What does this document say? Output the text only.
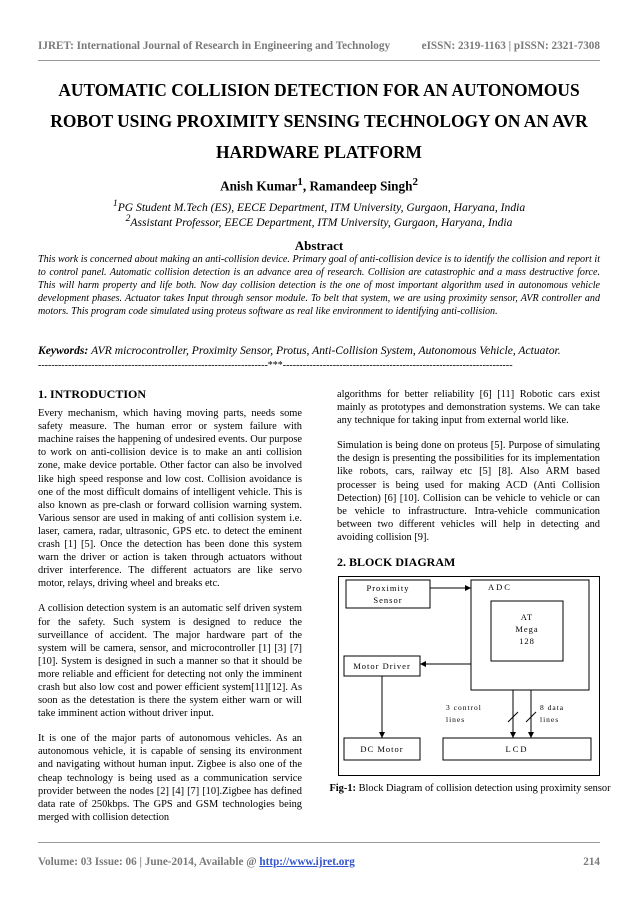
IJRET: International Journal of Research in Engineering and Technology	eISSN: 2319-1163 | pISSN: 2321-7308
AUTOMATIC COLLISION DETECTION FOR AN AUTONOMOUS
ROBOT USING PROXIMITY SENSING TECHNOLOGY ON AN AVR
HARDWARE PLATFORM
Anish Kumar$^1$, Ramandeep Singh$^2$
$^1$PG Student M.Tech (ES), EECE Department, ITM University, Gurgaon, Haryana, India
$^2$Assistant Professor, EECE Department, ITM University, Gurgaon, Haryana, India
Abstract
This work is concerned about making an anti-collision device. Primary goal of anti-collision device is to identify the collision and report it to control panel. Automatic collision detection is an advance area of research. Collision are catastrophic and a mass destructive force. This will harm property and life both. Now day collision detection is the one of most important algorithm used in autonomous vehicle development phases. Actuator takes Input through sensor module. To belt that system, we are using proximity sensor, AVR controller and motors. This program code simulated using proteus software as real like environment to identifying anti-collision.
Keywords: AVR microcontroller, Proximity Sensor, Protus, Anti-Collision System, Autonomous Vehicle, Actuator.
---------------------------------------------------------------------***---------------------------------------------------------------------
1. INTRODUCTION

Every mechanism, which having moving parts, needs some safety measure. The human error or system failure with machine raises the happening of undesired events. Our purpose to work on anti-collision device is to make an anti collision zone, make device portable. Other factor can also be involved like high speed response and low cost. Collision avoidance is one of the most difficult domains of intelligent vehicle. This is also known as pre-clash or forward collision warning system. Various sensor are used in making of anti collision system i.e. laser, camera, radar, ultrasonic, GPS etc. to detect the eminent crash [1] [5]. Once the detection has been done this system warn the driver or action is taken through actuators without driver interference. The different actuators are like servo motor, relays, driving wheel and breaks etc.

A collision detection system is an automatic self driven system for the safety. Such system is designed to reduce the surveillance of accident. The major hardware part of the system will be camera, sensor, and microcontroller [1] [3] [7] [10]. System is designed in such a manner so that it should be more reliable and efficient for detecting not only the imminent crash but also low cost and power efficient system[11][12]. As soon as the detestation is there the system either warn or will take imminent action without driver input.

It is one of the major parts of autonomous vehicles. As an autonomous vehicle, it is capable of sensing its environment and navigating without human input. Zigbee is also one of the cheap technology is being used as a communication service provider between the nodes [2] [4] [7] [10].Zigbee has defined data rate of 250kbps. The GPS and GSM technologies being merged with collision detection

algorithms for better reliability [6] [11] Robotic cars exist mainly as prototypes and demonstration systems. We can take any technique for taking input from external world like.

Simulation is being done on proteus [5]. Purpose of simulating the design is presenting the possibilities for its implementation like robots, cars, railway etc [5] [8]. Also ARM based processer is being used for making ACD (Anti Collision Detection) [6] [10]. Collision can be vehicle to vehicle or can be vehicle to infrastructure. Intra-vehicle communication between two different vehicles will help in detecting and avoiding collision [9].

2. BLOCK DIAGRAM
Proximity
Sensor
ADC
AT
Mega
128
Motor Driver
DC Motor
3 control
lines
8 data
lines
LCD
Fig-1: Block Diagram of collision detection using proximity sensor
Volume: 03 Issue: 06 | June-2014, Available @ http://www.ijret.org	214
